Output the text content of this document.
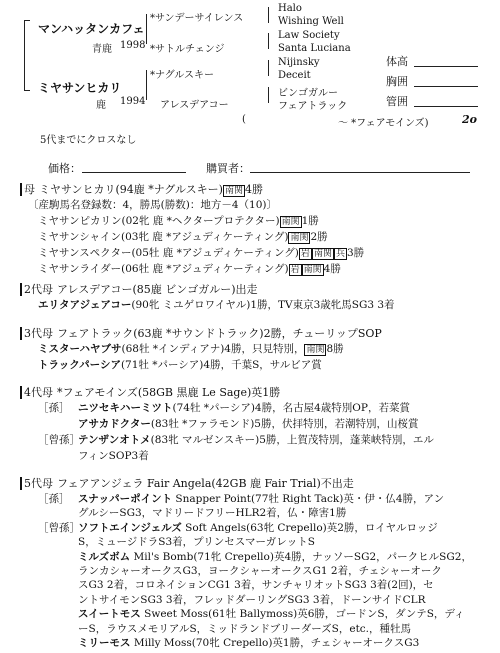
マンハッタンカフェ
青鹿 1998
ミヤサンヒカリ
鹿 1994
*サンデーサイレンス
*サトルチェンジ
*ナグルスキー
アレスデアコー
Halo
Wishing Well
Law Society
Santa Luciana
Nijinsky
Deceit
ビンゴガルー
フェアトラック
(	～ *フェアモインズ)	2o
5代までにクロスなし
体高
胸囲
管囲
価格：	購買者：
母 ミヤサンヒカリ(94鹿 *ナグルスキー) 南関 4勝
〔産駒馬名登録数：4，勝馬(勝数)：地方－4（10)〕
ミヤサンピカリン(02牝 鹿 *ヘクタープロテクター) 南関 1勝
ミヤサンシャイン(03牝 鹿 *アジュディケーティング) 南関 2勝
ミヤサンスペクター(05牡 鹿 *アジュディケーティング) 岩 南関 兵 3勝
ミヤサンライダー(06牡 鹿 *アジュディケーティング) 岩 南関 4勝
2代母 アレスデアコー(85鹿 ビンゴガルー)出走
エリタアジェアコー(90牝 ミユゲロワイヤル)1勝，TV東京3歳牝馬SG3 3着
3代母 フェアトラック(63鹿 *サウンドトラック)2勝，チューリップSOP
ミスターハヤブサ(68牡 *インディアナ)4勝，只見特別， 南関 8勝
トラックパーシア(71牡 *パーシア)4勝，千葉S，サルビア賞
4代母 *フェアモインズ(58GB 黒鹿 Le Sage)英1勝
［孫］ ニツセキハーミツト(74牡 *パーシア)4勝，名古屋4歳特別OP，若菜賞
アサカドクター(83牡 *ファラモンド)5勝，伏拝特別，若潮特別，山桜賞
［曾孫］テンザンオトメ(83牝 マルゼンスキー)5勝，上賀茂特別，蓬莱峡特別，エル
フィンSOP3着
5代母 フェアアンジェラ Fair Angela(42GB 鹿 Fair Trial)不出走
［孫］ スナッパーポイント Snapper Point(77牡 Right Tack)英・伊・仏4勝，アン
グルシーSG3，マドリードフリーHLR2着，仏・障害1勝
［曾孫］ソフトエインジェルズ Soft Angels(63牝 Crepello)英2勝，ロイヤルロッジ
S，ミュージドラS3着，プリンセスマーガレットS
ミルズボム Mil's Bomb(71牝 Crepello)英4勝，ナッソーSG2，パークヒルSG2，
ランカシャーオークスG3，ヨークシャーオークスG1 2着，チェシャーオーク
スG3 2着，コロネイションCG1 3着，サンチャリオットSG3 3着(2回)，セ
ントサイモンSG3 3着，フレッドダーリングSG3 3着，ドーンサイドCLR
スイートモス Sweet Moss(61牡 Ballymoss)英6勝，ゴードンS，ダンテS，ディ
ーS，ラウスメモリアルS，ミッドランドブリーダーズS，etc.，種牡馬
ミリーモス Milly Moss(70牝 Crepello)英1勝，チェシャーオークスG3
